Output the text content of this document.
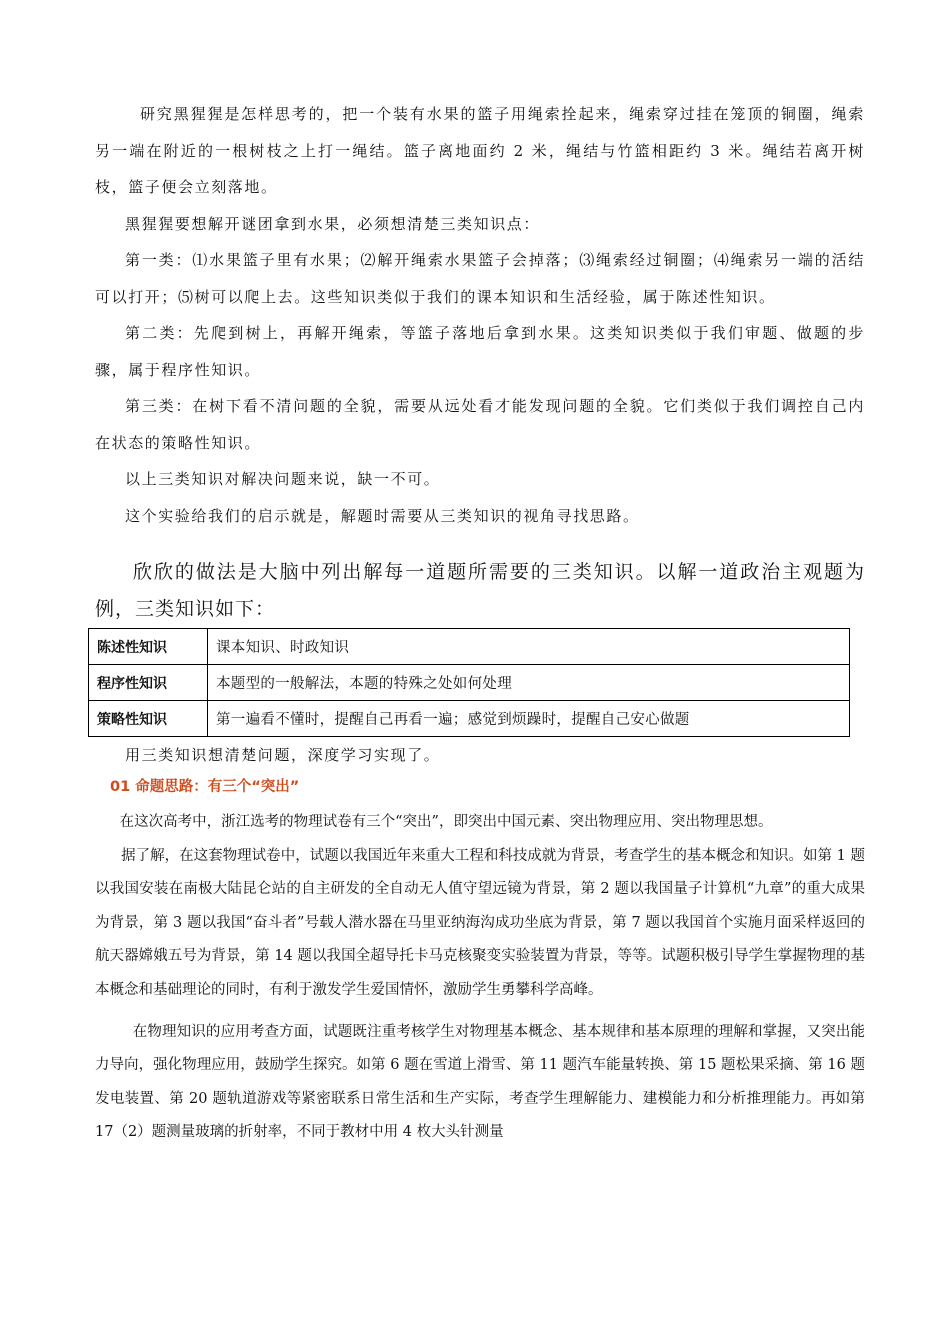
研究黑猩猩是怎样思考的，把一个装有水果的篮子用绳索拴起来，绳索穿过挂在笼顶的铜圈，绳索另一端在附近的一根树枝之上打一绳结。篮子离地面约 2 米，绳结与竹篮相距约 3 米。绳结若离开树枝，篮子便会立刻落地。

黑猩猩要想解开谜团拿到水果，必须想清楚三类知识点：

第一类：⑴水果篮子里有水果；⑵解开绳索水果篮子会掉落；⑶绳索经过铜圈；⑷绳索另一端的活结可以打开；⑸树可以爬上去。这些知识类似于我们的课本知识和生活经验，属于陈述性知识。

第二类：先爬到树上，再解开绳索，等篮子落地后拿到水果。这类知识类似于我们审题、做题的步骤，属于程序性知识。

第三类：在树下看不清问题的全貌，需要从远处看才能发现问题的全貌。它们类似于我们调控自己内在状态的策略性知识。

以上三类知识对解决问题来说，缺一不可。

这个实验给我们的启示就是，解题时需要从三类知识的视角寻找思路。

欣欣的做法是大脑中列出解每一道题所需要的三类知识。以解一道政治主观题为例，三类知识如下：

陈述性知识	课本知识、时政知识
程序性知识	本题型的一般解法，本题的特殊之处如何处理
策略性知识	第一遍看不懂时，提醒自己再看一遍；感觉到烦躁时，提醒自己安心做题
用三类知识想清楚问题，深度学习实现了。
01 命题思路：有三个“突出”

在这次高考中，浙江选考的物理试卷有三个“突出”，即突出中国元素、突出物理应用、突出物理思想。

据了解，在这套物理试卷中，试题以我国近年来重大工程和科技成就为背景，考查学生的基本概念和知识。如第 1 题以我国安装在南极大陆昆仑站的自主研发的全自动无人值守望远镜为背景，第 2 题以我国量子计算机“九章”的重大成果为背景，第 3 题以我国“奋斗者”号载人潜水器在马里亚纳海沟成功坐底为背景，第 7 题以我国首个实施月面采样返回的航天器嫦娥五号为背景，第 14 题以我国全超导托卡马克核聚变实验装置为背景，等等。试题积极引导学生掌握物理的基本概念和基础理论的同时，有利于激发学生爱国情怀，激励学生勇攀科学高峰。

在物理知识的应用考查方面，试题既注重考核学生对物理基本概念、基本规律和基本原理的理解和掌握，又突出能力导向，强化物理应用，鼓励学生探究。如第 6 题在雪道上滑雪、第 11 题汽车能量转换、第 15 题松果采摘、第 16 题发电装置、第 20 题轨道游戏等紧密联系日常生活和生产实际，考查学生理解能力、建模能力和分析推理能力。再如第 17（2）题测量玻璃的折射率，不同于教材中用 4 枚大头针测量
